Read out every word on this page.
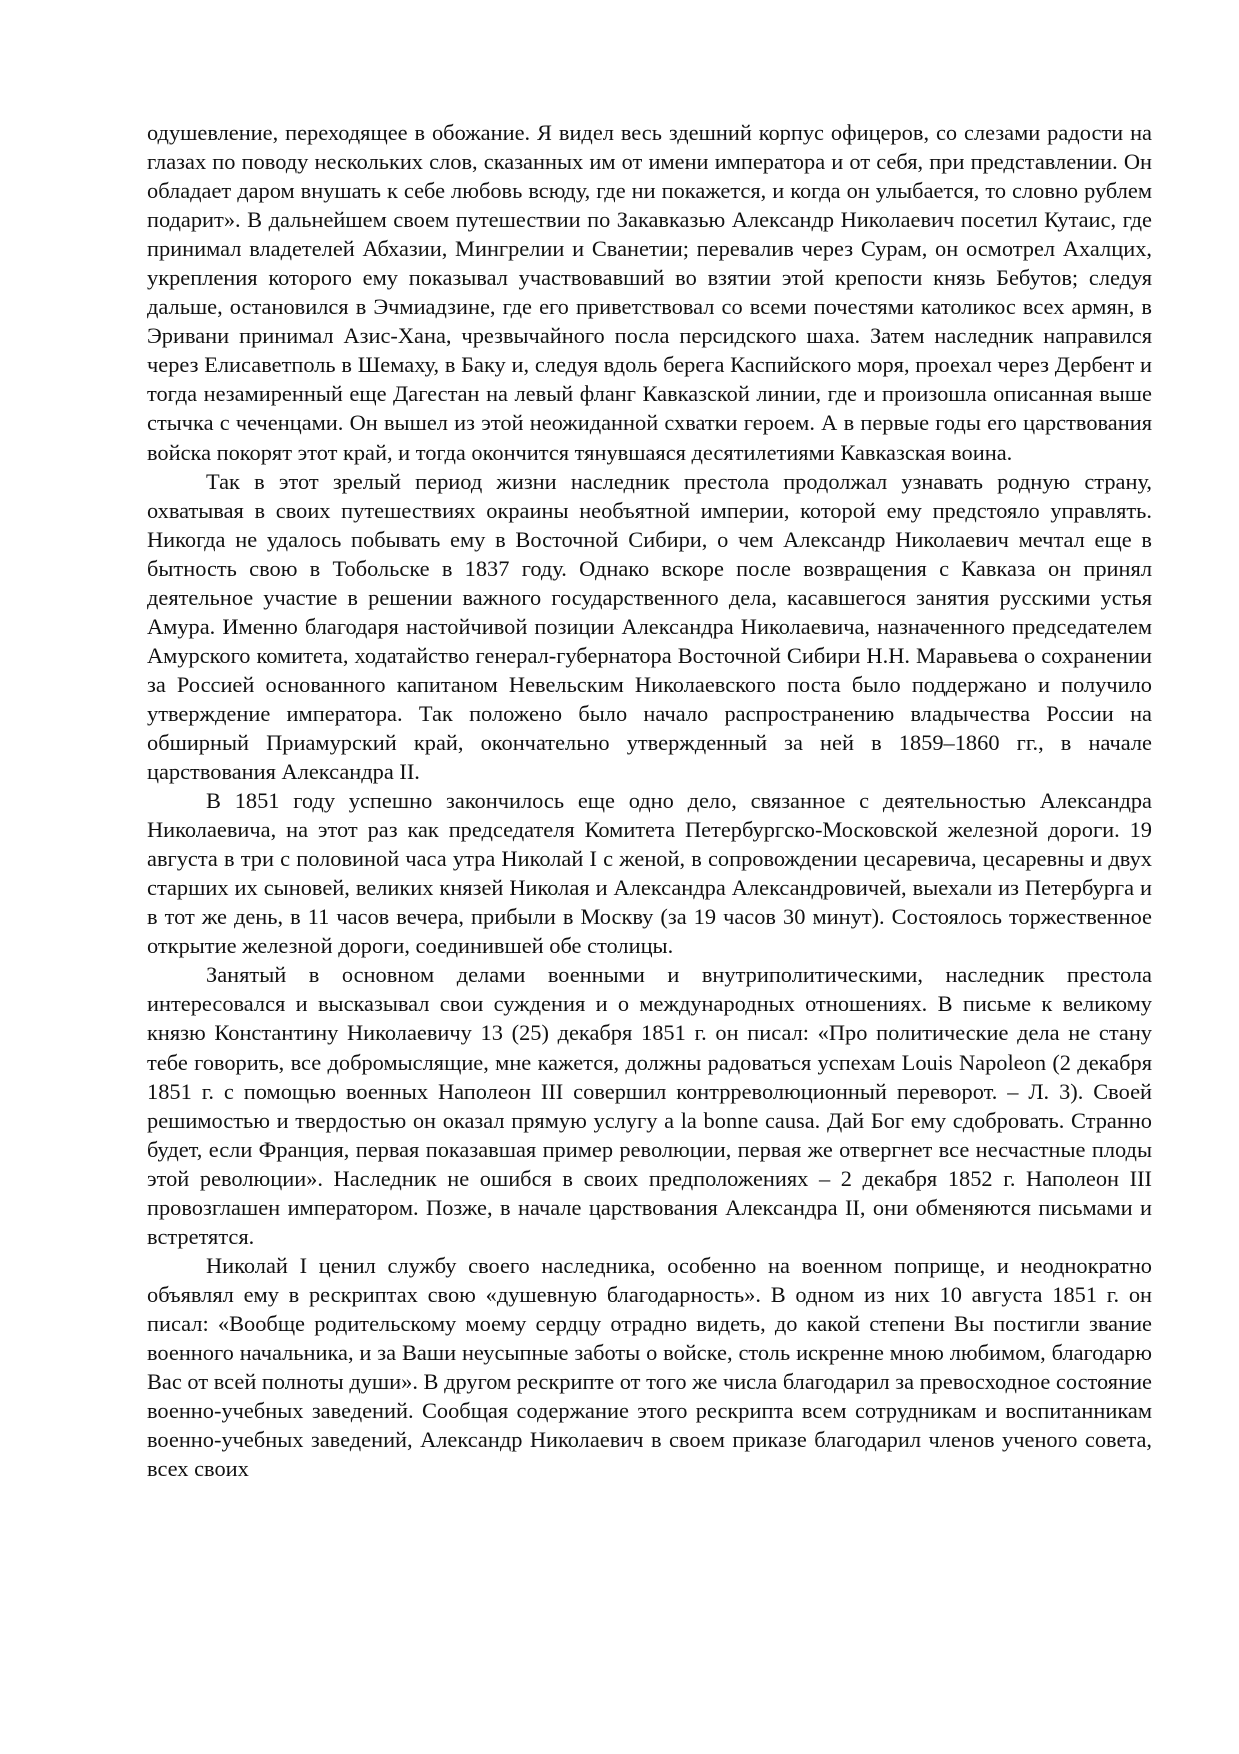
одушевление, переходящее в обожание. Я видел весь здешний корпус офицеров, со слезами радости на глазах по поводу нескольких слов, сказанных им от имени императора и от себя, при представлении. Он обладает даром внушать к себе любовь всюду, где ни покажется, и когда он улыбается, то словно рублем подарит». В дальнейшем своем путешествии по Закавказью Александр Николаевич посетил Кутаис, где принимал владетелей Абхазии, Мингрелии и Сванетии; перевалив через Сурам, он осмотрел Ахалцих, укрепления которого ему показывал участвовавший во взятии этой крепости князь Бебутов; следуя дальше, остановился в Эчмиадзине, где его приветствовал со всеми почестями католикос всех армян, в Эривани принимал Азис-Хана, чрезвычайного посла персидского шаха. Затем наследник направился через Елисаветполь в Шемаху, в Баку и, следуя вдоль берега Каспийского моря, проехал через Дербент и тогда незамиренный еще Дагестан на левый фланг Кавказской линии, где и произошла описанная выше стычка с чеченцами. Он вышел из этой неожиданной схватки героем. А в первые годы его царствования войска покорят этот край, и тогда окончится тянувшаяся десятилетиями Кавказская воина.

Так в этот зрелый период жизни наследник престола продолжал узнавать родную страну, охватывая в своих путешествиях окраины необъятной империи, которой ему предстояло управлять. Никогда не удалось побывать ему в Восточной Сибири, о чем Александр Николаевич мечтал еще в бытность свою в Тобольске в 1837 году. Однако вскоре после возвращения с Кавказа он принял деятельное участие в решении важного государственного дела, касавшегося занятия русскими устья Амура. Именно благодаря настойчивой позиции Александра Николаевича, назначенного председателем Амурского комитета, ходатайство генерал-губернатора Восточной Сибири Н.Н. Маравьева о сохранении за Россией основанного капитаном Невельским Николаевского поста было поддержано и получило утверждение императора. Так положено было начало распространению владычества России на обширный Приамурский край, окончательно утвержденный за ней в 1859–1860 гг., в начале царствования Александра II.

В 1851 году успешно закончилось еще одно дело, связанное с деятельностью Александра Николаевича, на этот раз как председателя Комитета Петербургско-Московской железной дороги. 19 августа в три с половиной часа утра Николай I с женой, в сопровождении цесаревича, цесаревны и двух старших их сыновей, великих князей Николая и Александра Александровичей, выехали из Петербурга и в тот же день, в 11 часов вечера, прибыли в Москву (за 19 часов 30 минут). Состоялось торжественное открытие железной дороги, соединившей обе столицы.

Занятый в основном делами военными и внутриполитическими, наследник престола интересовался и высказывал свои суждения и о международных отношениях. В письме к великому князю Константину Николаевичу 13 (25) декабря 1851 г. он писал: «Про политические дела не стану тебе говорить, все добромыслящие, мне кажется, должны радоваться успехам Louis Napoleon (2 декабря 1851 г. с помощью военных Наполеон III совершил контрреволюционный переворот. – Л. 3). Своей решимостью и твердостью он оказал прямую услугу a la bonne causa. Дай Бог ему сдобровать. Странно будет, если Франция, первая показавшая пример революции, первая же отвергнет все несчастные плоды этой революции». Наследник не ошибся в своих предположениях – 2 декабря 1852 г. Наполеон III провозглашен императором. Позже, в начале царствования Александра II, они обменяются письмами и встретятся.

Николай I ценил службу своего наследника, особенно на военном поприще, и неоднократно объявлял ему в рескриптах свою «душевную благодарность». В одном из них 10 августа 1851 г. он писал: «Вообще родительскому моему сердцу отрадно видеть, до какой степени Вы постигли звание военного начальника, и за Ваши неусыпные заботы о войске, столь искренне мною любимом, благодарю Вас от всей полноты души». В другом рескрипте от того же числа благодарил за превосходное состояние военно-учебных заведений. Сообщая содержание этого рескрипта всем сотрудникам и воспитанникам военно-учебных заведений, Александр Николаевич в своем приказе благодарил членов ученого совета, всех своих
